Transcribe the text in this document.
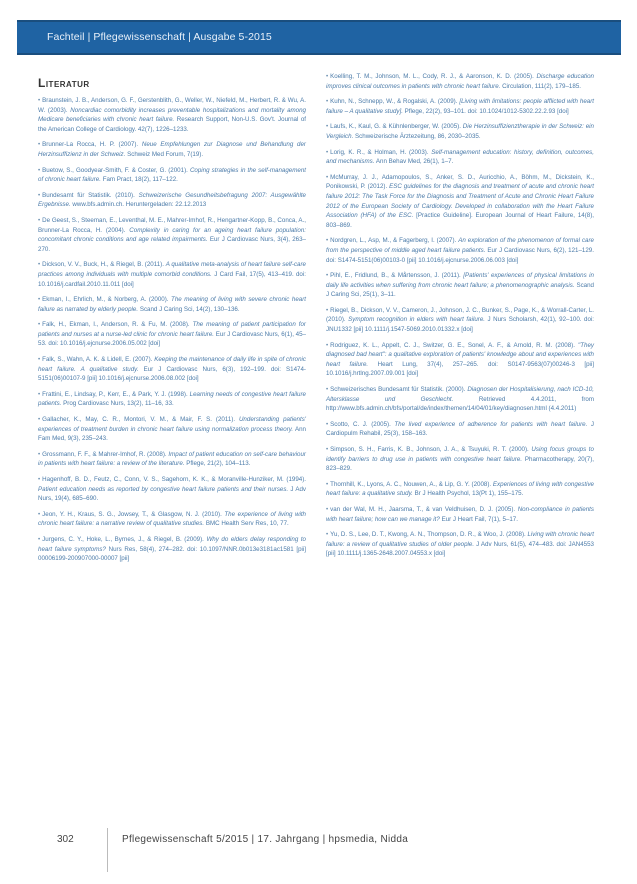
Fachteil | Pflegewissenschaft | Ausgabe 5-2015
Literatur

• Braunstein, J. B., Anderson, G. F., Gerstenblith, G., Weller, W., Niefeld, M., Herbert, R. & Wu, A. W. (2003). Noncardiac comorbidity increases preventable hospitalizations and mortality among Medicare beneficiaries with chronic heart failure. Research Support, Non-U.S. Gov't. Journal of the American College of Cardiology. 42(7), 1226–1233.

• Brunner-La Rocca, H. P. (2007). Neue Empfehlungen zur Diagnose und Behandlung der Herzinsuffizienz in der Schweiz. Schweiz Med Forum, 7(19).

• Buetow, S., Goodyear-Smith, F. & Coster, G. (2001). Coping strategies in the self-management of chronic heart failure. Fam Pract, 18(2), 117–122.

• Bundesamt für Statistik. (2010). Schweizerische Gesundheitsbefragung 2007: Ausgewählte Ergebnisse. www.bfs.admin.ch. Heruntergeladen: 22.12.2013

• De Geest, S., Steeman, E., Leventhal, M. E., Mahrer-Imhof, R., Hengartner-Kopp, B., Conca, A., Brunner-La Rocca, H. (2004). Complexity in caring for an ageing heart failure population: concomitant chronic conditions and age related impairments. Eur J Cardiovasc Nurs, 3(4), 263–270.

• Dickson, V. V., Buck, H., & Riegel, B. (2011). A qualitative meta-analysis of heart failure self-care practices among individuals with multiple comorbid conditions. J Card Fail, 17(5), 413–419. doi: 10.1016/j.cardfail.2010.11.011 [doi]

• Ekman, I., Ehrlich, M., & Norberg, A. (2000). The meaning of living with severe chronic heart failure as narrated by elderly people. Scand J Caring Sci, 14(2), 130–136.

• Falk, H., Ekman, I., Anderson, R. & Fu, M. (2008). The meaning of patient participation for patients and nurses at a nurse-led clinic for chronic heart failure. Eur J Cardiovasc Nurs, 6(1), 45–53. doi: 10.1016/j.ejcnurse.2006.05.002 [doi]

• Falk, S., Wahn, A. K. & Lidell, E. (2007). Keeping the maintenance of daily life in spite of chronic heart failure. A qualitative study. Eur J Cardiovasc Nurs, 6(3), 192–199. doi: S1474-5151(06)00107-9 [pii] 10.1016/j.ejcnurse.2006.08.002 [doi]

• Frattini, E., Lindsay, P., Kerr, E., & Park, Y. J. (1998). Learning needs of congestive heart failure patients. Prog Cardiovasc Nurs, 13(2), 11–16, 33.

• Gallacher, K., May, C. R., Montori, V. M., & Mair, F. S. (2011). Understanding patients' experiences of treatment burden in chronic heart failure using normalization process theory. Ann Fam Med, 9(3), 235–243.

• Grossmann, F. F., & Mahrer-Imhof, R. (2008). Impact of patient education on self-care behaviour in patients with heart failure: a review of the literature. Pflege, 21(2), 104–113.

• Hagenhoff, B. D., Feutz, C., Conn, V. S., Sagehorn, K. K., & Moranville-Hunziker, M. (1994). Patient education needs as reported by congestive heart failure patients and their nurses. J Adv Nurs, 19(4), 685–690.

• Jeon, Y. H., Kraus, S. G., Jowsey, T., & Glasgow, N. J. (2010). The experience of living with chronic heart failure: a narrative review of qualitative studies. BMC Health Serv Res, 10, 77.

• Jurgens, C. Y., Hoke, L., Byrnes, J., & Riegel, B. (2009). Why do elders delay responding to heart failure symptoms? Nurs Res, 58(4), 274–282. doi: 10.1097/NNR.0b013e3181ac1581 [pii] 00006199-200907000-00007 [pii]

• Koelling, T. M., Johnson, M. L., Cody, R. J., & Aaronson, K. D. (2005). Discharge education improves clinical outcomes in patients with chronic heart failure. Circulation, 111(2), 179–185.

• Kuhn, N., Schnepp, W., & Rogalski, A. (2009). [Living with limitations: people afflicted with heart failure – A qualitative study]. Pflege, 22(2), 93–101. doi: 10.1024/1012-5302.22.2.93 [doi]

• Laufs, K., Kaul, G. & Kühnlenberger, W. (2005). Die Herzinsuffizienztherapie in der Schweiz: ein Vergleich. Schweizerische Ärztezeitung, 86, 2030–2035.

• Lorig, K. R., & Holman, H. (2003). Self-management education: history, definition, outcomes, and mechanisms. Ann Behav Med, 26(1), 1–7.

• McMurray, J. J., Adamopoulos, S., Anker, S. D., Auricchio, A., Böhm, M., Dickstein, K., Ponikowski, P. (2012). ESC guidelines for the diagnosis and treatment of acute and chronic heart failure 2012: The Task Force for the Diagnosis and Treatment of Acute and Chronic Heart Failure 2012 of the European Society of Cardiology. Developed in collaboration with the Heart Failure Association (HFA) of the ESC. [Practice Guideline]. European Journal of Heart Failure, 14(8), 803–869.

• Nordgren, L., Asp, M., & Fagerberg, I. (2007). An exploration of the phenomenon of formal care from the perspective of middle aged heart failure patients. Eur J Cardiovasc Nurs, 6(2), 121–129. doi: S1474-5151(06)00103-0 [pii] 10.1016/j.ejcnurse.2006.06.003 [doi]

• Pihl, E., Fridlund, B., & Mårtensson, J. (2011). [Patients' experiences of physical limitations in daily life activities when suffering from chronic heart failure; a phenomenographic analysis. Scand J Caring Sci, 25(1), 3–11.

• Riegel, B., Dickson, V. V., Cameron, J., Johnson, J. C., Bunker, S., Page, K., & Worrall-Carter, L. (2010). Symptom recognition in elders with heart failure. J Nurs Scholarsh, 42(1), 92–100. doi: JNU1332 [pii] 10.1111/j.1547-5069.2010.01332.x [doi]

• Rodriguez, K. L., Appelt, C. J., Switzer, G. E., Sonel, A. F., & Arnold, R. M. (2008). "They diagnosed bad heart": a qualitative exploration of patients' knowledge about and experiences with heart failure. Heart Lung, 37(4), 257–265. doi: S0147-9563(07)00246-3 [pii] 10.1016/j.hrtlng.2007.09.001 [doi]

• Schweizerisches Bundesamt für Statistik. (2000). Diagnosen der Hospitalisierung, nach ICD-10, Altersklasse und Geschlecht.	Retrieved 4.4.2011, from http://www.bfs.admin.ch/bfs/portal/de/index/themen/14/04/01/key/diagnosen.html (4.4.2011)

• Scotto, C. J. (2005). The lived experience of adherence for patients with heart failure. J Cardiopulm Rehabil, 25(3), 158–163.

• Simpson, S. H., Farris, K. B., Johnson, J. A., & Tsuyuki, R. T. (2000). Using focus groups to identify barriers to drug use in patients with congestive heart failure. Pharmacotherapy, 20(7), 823–829.

• Thornhill, K., Lyons, A. C., Nouwen, A., & Lip, G. Y. (2008). Experiences of living with congestive heart failure: a qualitative study. Br J Health Psychol, 13(Pt 1), 155–175.

• van der Wal, M. H., Jaarsma, T., & van Veldhuisen, D. J. (2005). Non-compliance in patients with heart failure; how can we manage it? Eur J Heart Fail, 7(1), 5–17.

• Yu, D. S., Lee, D. T., Kwong, A. N., Thompson, D. R., & Woo, J. (2008). Living with chronic heart failure: a review of qualitative studies of older people. J Adv Nurs, 61(5), 474–483. doi: JAN4553 [pii] 10.1111/j.1365-2648.2007.04553.x [doi]

302	Pflegewissenschaft 5/2015 | 17. Jahrgang | hpsmedia, Nidda
